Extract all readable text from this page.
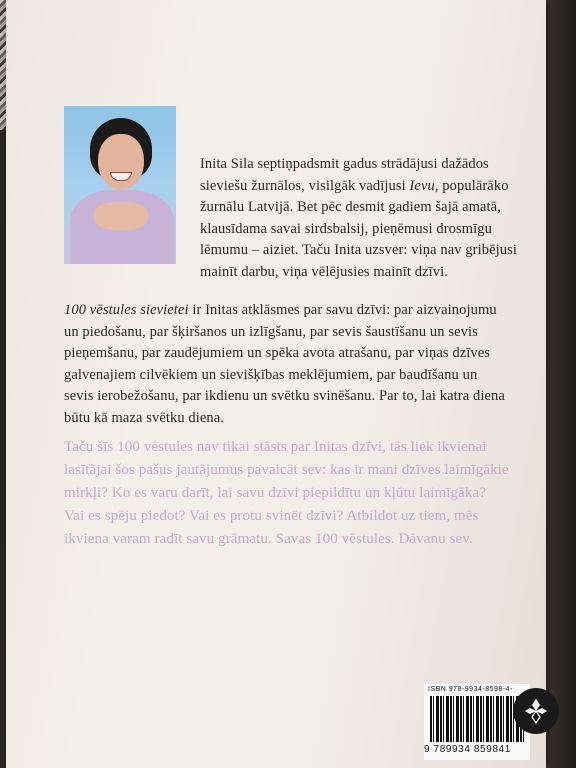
Inita Sila septiņpadsmit gadus strādājusi dažādos
sieviešu žurnālos, visilgāk vadījusi Ievu, populārāko
žurnālu Latvijā. Bet pēc desmit gadiem šajā amatā,
klausīdama savai sirdsbalsij, pieņēmusi drosmīgu
lēmumu – aiziet. Taču Inita uzsver: viņa nav gribējusi
mainīt darbu, viņa vēlējusies mainīt dzīvi.
100 vēstules sievietei ir Initas atklāsmes par savu dzīvi: par aizvainojumu
un piedošanu, par šķiršanos un izlīgšanu, par sevis šaustīšanu un sevis
pieņemšanu, par zaudējumiem un spēka avota atrašanu, par viņas dzīves
galvenajiem cilvēkiem un sievišķības meklējumiem, par baudīšanu un
sevis ierobežošanu, par ikdienu un svētku svinēšanu. Par to, lai katra diena
būtu kā maza svētku diena.
Taču šīs 100 vēstules nav tikai stāsts par Initas dzīvi, tās liek ikvienai
lasītājai šos pašus jautājumus pavaicāt sev: kas ir mani dzīves laimīgākie
mirkļi? Ko es varu darīt, lai savu dzīvi piepildītu un kļūtu laimīgāka?
Vai es spēju piedot? Vai es protu svinēt dzīvi? Atbildot uz tiem, mēs
ikviena varam radīt savu grāmatu. Savas 100 vēstules. Dāvanu sev.
ISBN 978-9934-8598-4-
9 789934 859841
